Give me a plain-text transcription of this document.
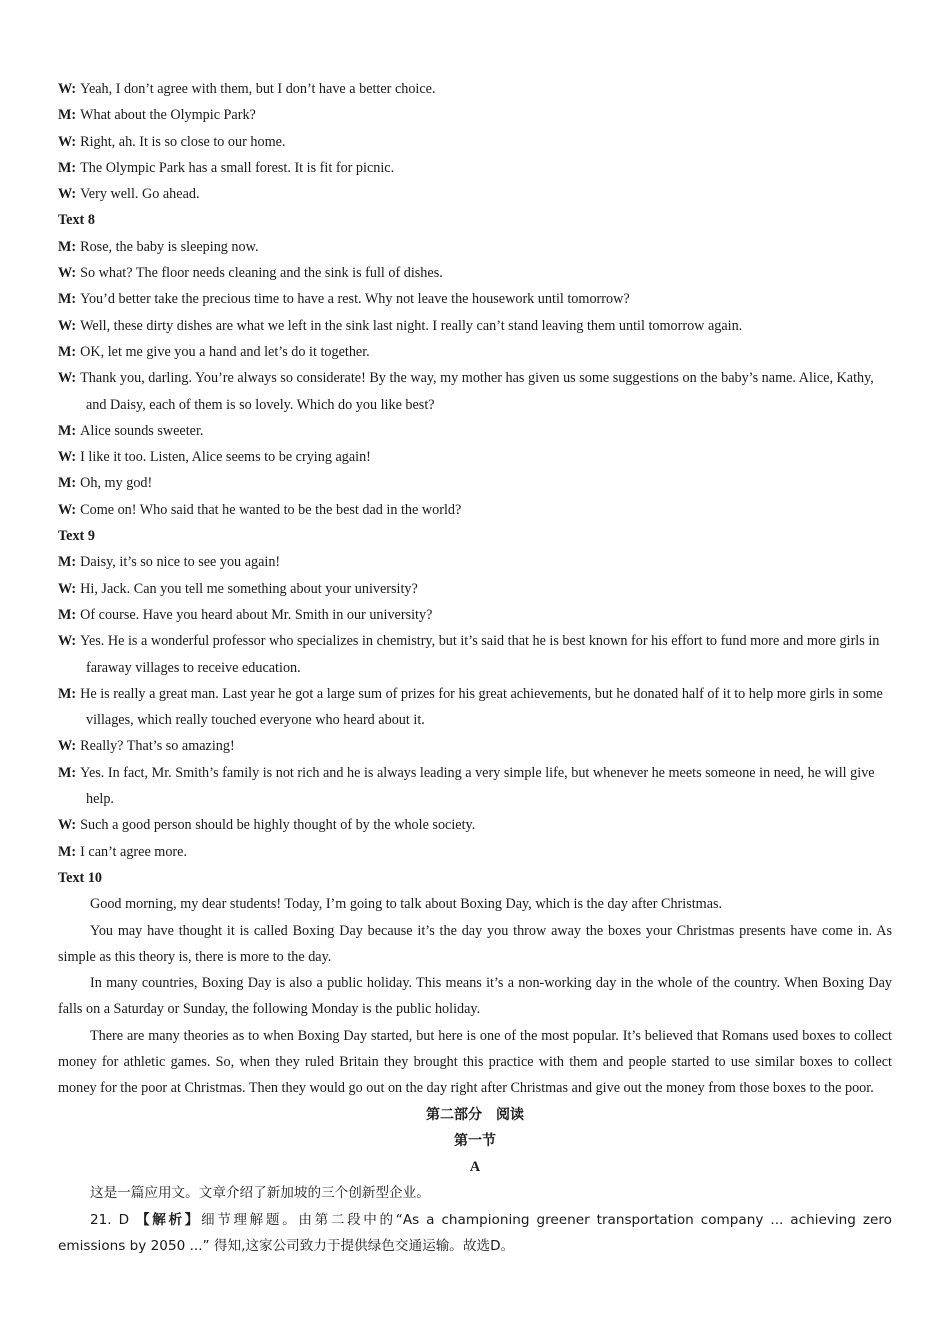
W: Yeah, I don’t agree with them, but I don’t have a better choice.
M: What about the Olympic Park?
W: Right, ah. It is so close to our home.
M: The Olympic Park has a small forest. It is fit for picnic.
W: Very well. Go ahead.
Text 8
M: Rose, the baby is sleeping now.
W: So what? The floor needs cleaning and the sink is full of dishes.
M: You’d better take the precious time to have a rest. Why not leave the housework until tomorrow?
W: Well, these dirty dishes are what we left in the sink last night. I really can’t stand leaving them until tomorrow again.
M: OK, let me give you a hand and let’s do it together.
W: Thank you, darling. You’re always so considerate! By the way, my mother has given us some suggestions on the baby’s name. Alice, Kathy, and Daisy, each of them is so lovely. Which do you like best?
M: Alice sounds sweeter.
W: I like it too. Listen, Alice seems to be crying again!
M: Oh, my god!
W: Come on! Who said that he wanted to be the best dad in the world?
Text 9
M: Daisy, it’s so nice to see you again!
W: Hi, Jack. Can you tell me something about your university?
M: Of course. Have you heard about Mr. Smith in our university?
W: Yes. He is a wonderful professor who specializes in chemistry, but it’s said that he is best known for his effort to fund more and more girls in faraway villages to receive education.
M: He is really a great man. Last year he got a large sum of prizes for his great achievements, but he donated half of it to help more girls in some villages, which really touched everyone who heard about it.
W: Really? That’s so amazing!
M: Yes. In fact, Mr. Smith’s family is not rich and he is always leading a very simple life, but whenever he meets someone in need, he will give help.
W: Such a good person should be highly thought of by the whole society.
M: I can’t agree more.
Text 10
Good morning, my dear students! Today, I’m going to talk about Boxing Day, which is the day after Christmas.
You may have thought it is called Boxing Day because it’s the day you throw away the boxes your Christmas presents have come in. As simple as this theory is, there is more to the day.
In many countries, Boxing Day is also a public holiday. This means it’s a non-working day in the whole of the country. When Boxing Day falls on a Saturday or Sunday, the following Monday is the public holiday.
There are many theories as to when Boxing Day started, but here is one of the most popular. It’s believed that Romans used boxes to collect money for athletic games. So, when they ruled Britain they brought this practice with them and people started to use similar boxes to collect money for the poor at Christmas. Then they would go out on the day right after Christmas and give out the money from those boxes to the poor.
第二部分　阅读
第一节
A
这是一篇应用文。文章介绍了新加坡的三个创新型企业。
21. D 【解析】细节理解题。由第二段中的“As a championing greener transportation company ... achieving zero emissions by 2050 ...” 得知,这家公司致力于提供绿色交通运输。故选D。
